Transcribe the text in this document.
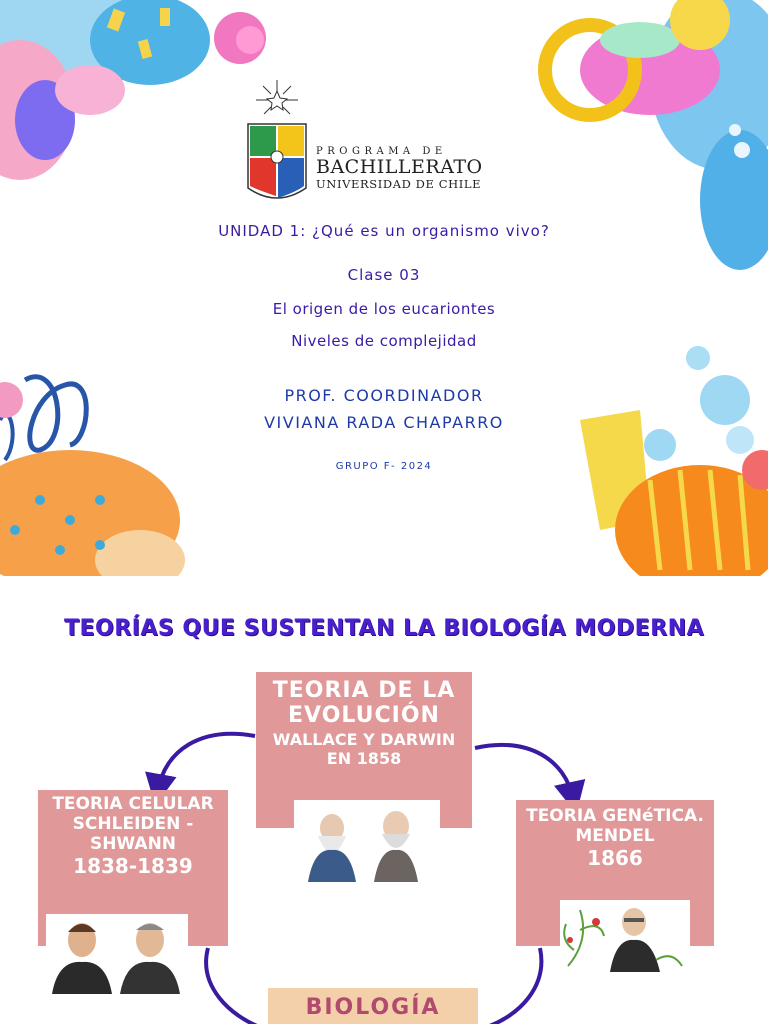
PROGRAMA DE
BACHILLERATO
UNIVERSIDAD DE CHILE
UNIDAD 1: ¿Qué es un organismo vivo?
Clase 03
El origen de los eucariontes
Niveles de complejidad
PROF. COORDINADOR
VIVIANA RADA CHAPARRO
GRUPO F- 2024
TEORÍAS QUE SUSTENTAN LA BIOLOGÍA MODERNA
TEORIA DE LA
EVOLUCIÓN
WALLACE Y DARWIN
EN 1858
TEORIA CELULAR
SCHLEIDEN -
SHWANN
1838-1839
TEORIA GENéTICA.
MENDEL
1866
BIOLOGÍA
